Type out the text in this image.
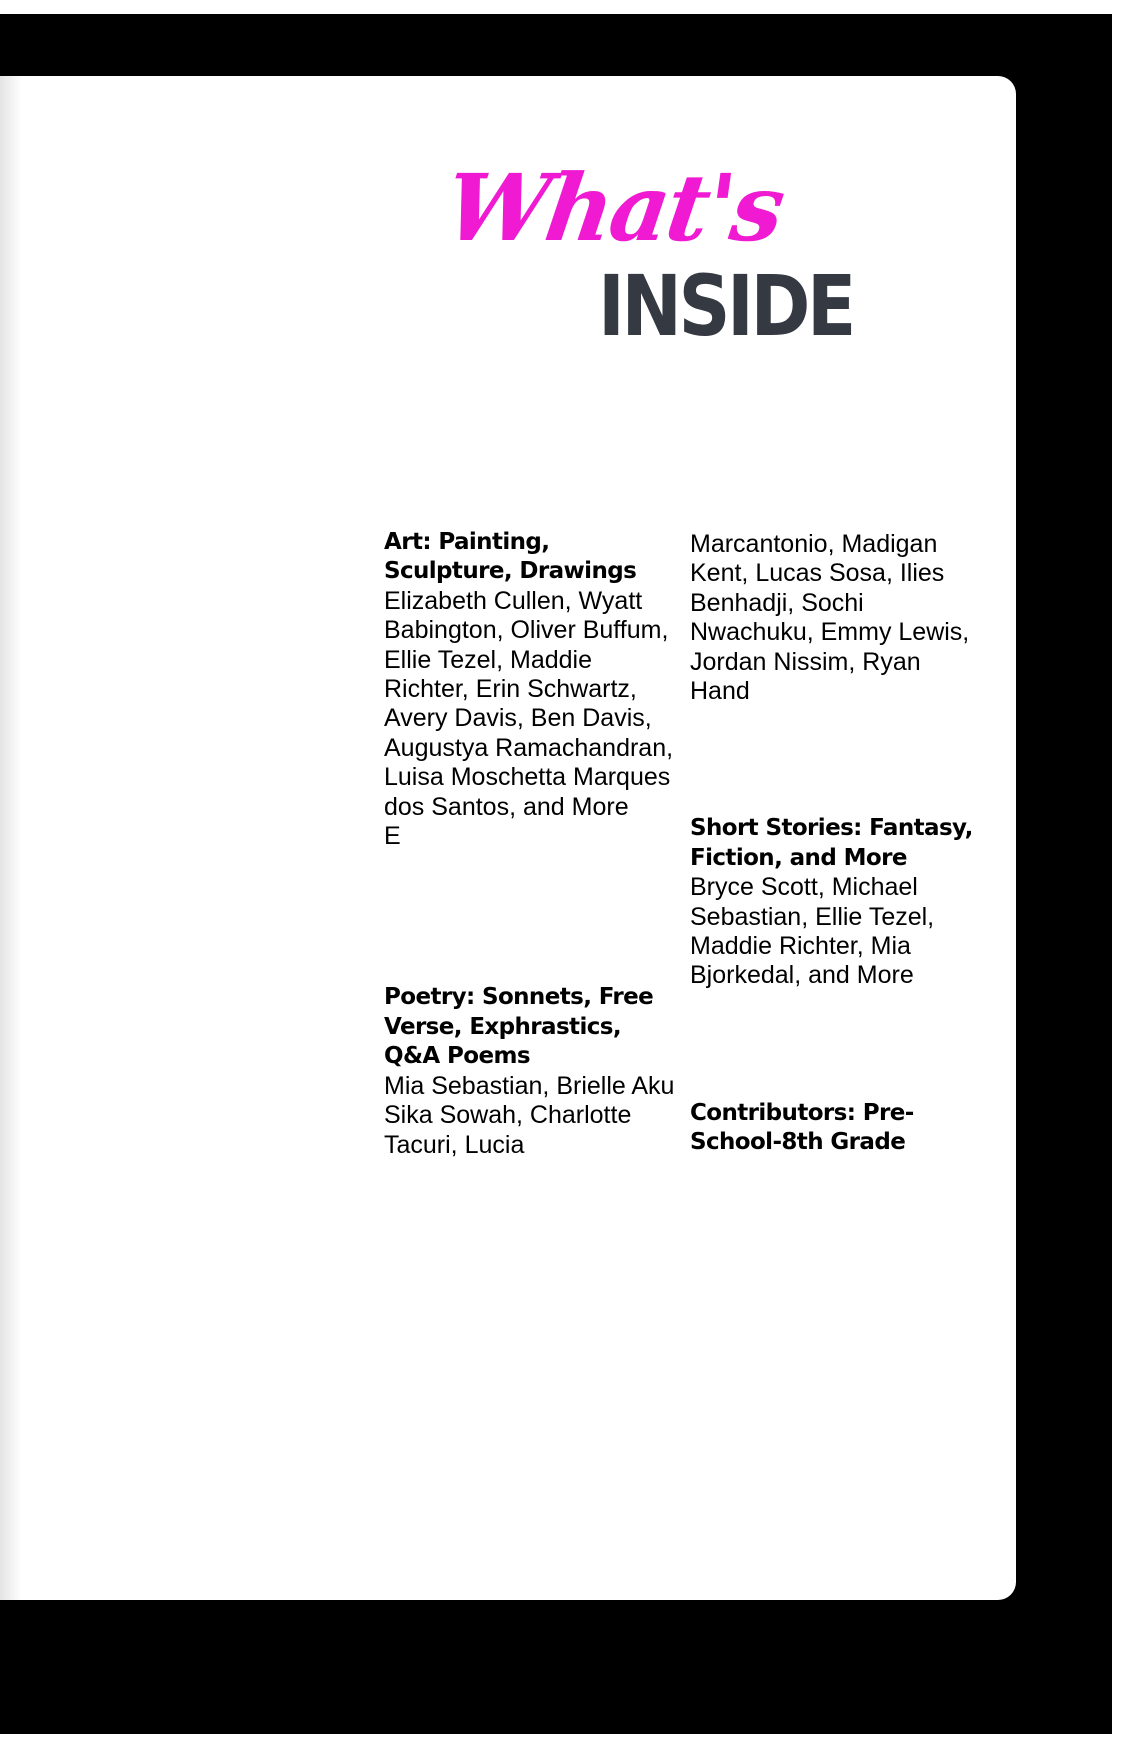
What's
INSIDE
Art: Painting, Sculpture, Drawings
Elizabeth Cullen, Wyatt Babington, Oliver Buffum, Ellie Tezel, Maddie Richter, Erin Schwartz, Avery Davis, Ben Davis, Augustya Ramachandran, Luisa Moschetta Marques dos Santos, and More
E
Poetry: Sonnets, Free Verse, Exphrastics, Q&A Poems
Mia Sebastian, Brielle Aku Sika Sowah, Charlotte Tacuri, Lucia
Marcantonio, Madigan Kent, Lucas Sosa, Ilies Benhadji, Sochi Nwachuku, Emmy Lewis, Jordan Nissim, Ryan Hand
Short Stories: Fantasy, Fiction, and More
Bryce Scott, Michael Sebastian, Ellie Tezel, Maddie Richter, Mia Bjorkedal, and More
Contributors: Pre-School-8th Grade
